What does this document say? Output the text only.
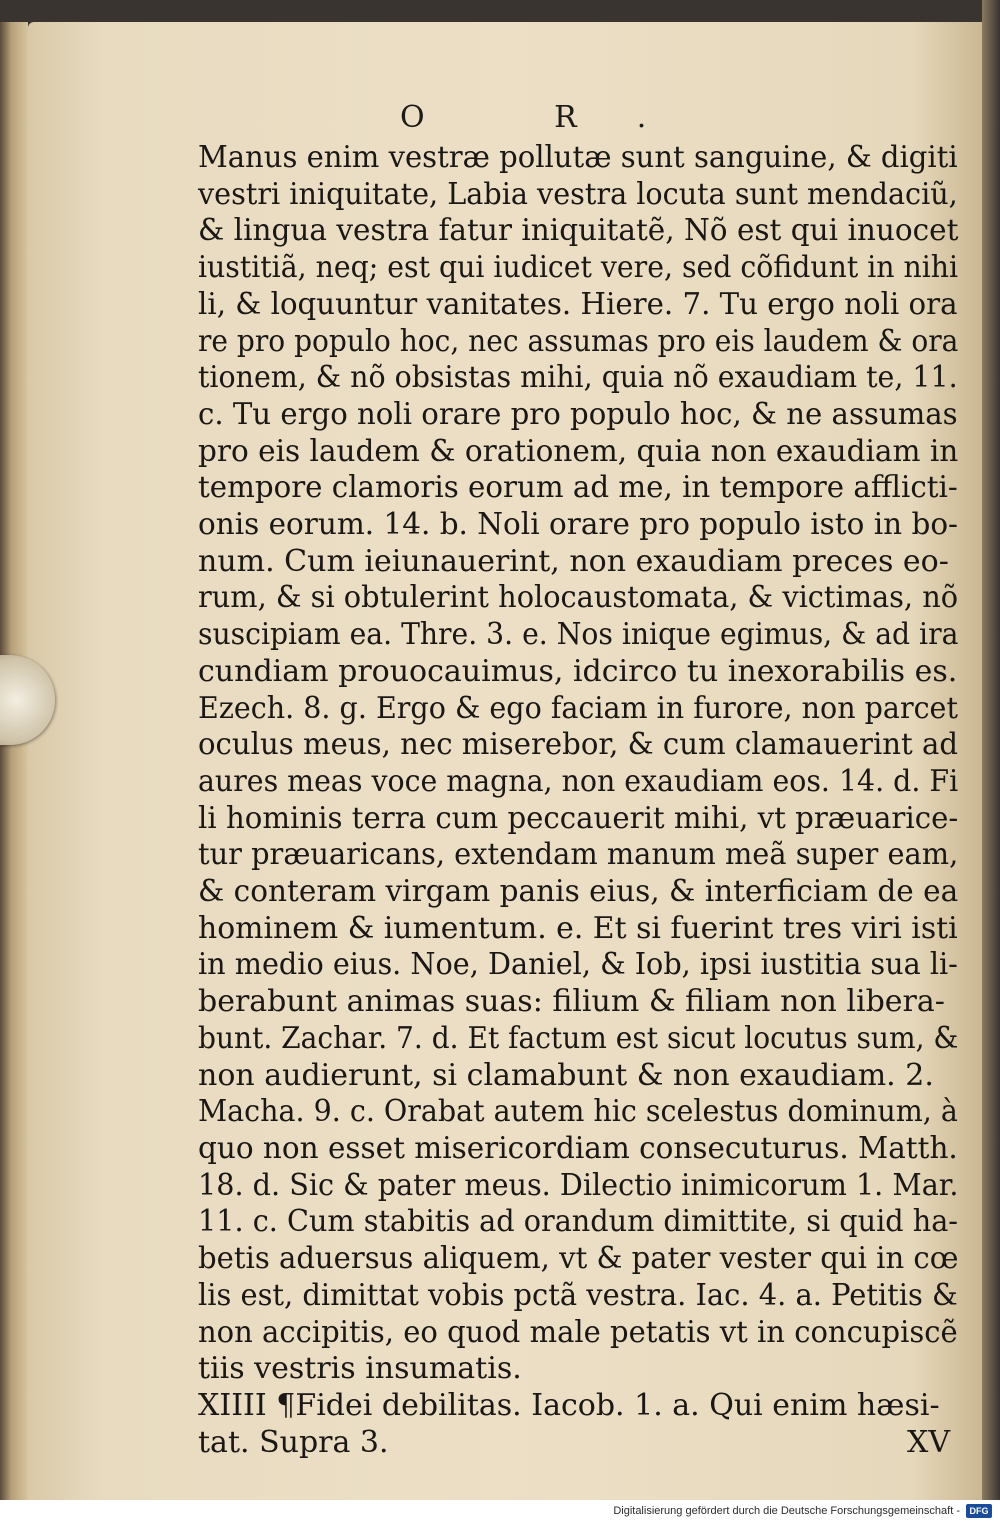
O R.
Manus enim vestræ pollutæ sunt sanguine, & digiti
vestri iniquitate, Labia vestra locuta sunt mendaciũ,
& lingua vestra fatur iniquitatẽ, Nõ est qui inuocet
iustitiã, neq; est qui iudicet vere, sed cõfidunt in nihi
li, & loquuntur vanitates. Hiere. 7. Tu ergo noli ora
re pro populo hoc, nec assumas pro eis laudem & ora
tionem, & nõ obsistas mihi, quia nõ exaudiam te, 11.
c. Tu ergo noli orare pro populo hoc, & ne assumas
pro eis laudem & orationem, quia non exaudiam in
tempore clamoris eorum ad me, in tempore afflicti-
onis eorum. 14. b. Noli orare pro populo isto in bo-
num. Cum ieiunauerint, non exaudiam preces eo-
rum, & si obtulerint holocaustomata, & victimas, nõ
suscipiam ea. Thre. 3. e. Nos inique egimus, & ad ira
cundiam prouocauimus, idcirco tu inexorabilis es.
Ezech. 8. g. Ergo & ego faciam in furore, non parcet
oculus meus, nec miserebor, & cum clamauerint ad
aures meas voce magna, non exaudiam eos. 14. d. Fi
li hominis terra cum peccauerit mihi, vt præuarice-
tur præuaricans, extendam manum meã super eam,
& conteram virgam panis eius, & interficiam de ea
hominem & iumentum. e. Et si fuerint tres viri isti
in medio eius. Noe, Daniel, & Iob, ipsi iustitia sua li-
berabunt animas suas: filium & filiam non libera-
bunt. Zachar. 7. d. Et factum est sicut locutus sum, &
non audierunt, si clamabunt & non exaudiam. 2.
Macha. 9. c. Orabat autem hic scelestus dominum, à
quo non esset misericordiam consecuturus. Matth.
18. d. Sic & pater meus. Dilectio inimicorum 1. Mar.
11. c. Cum stabitis ad orandum dimittite, si quid ha-
betis aduersus aliquem, vt & pater vester qui in cœ
lis est, dimittat vobis pctã vestra. Iac. 4. a. Petitis &
non accipitis, eo quod male petatis vt in concupiscẽ
tiis vestris insumatis.
XIIII ¶Fidei debilitas. Iacob. 1. a. Qui enim hæsi-
tat. Supra 3.	XV
Digitalisierung gefördert durch die Deutsche Forschungsgemeinschaft -	DFG
